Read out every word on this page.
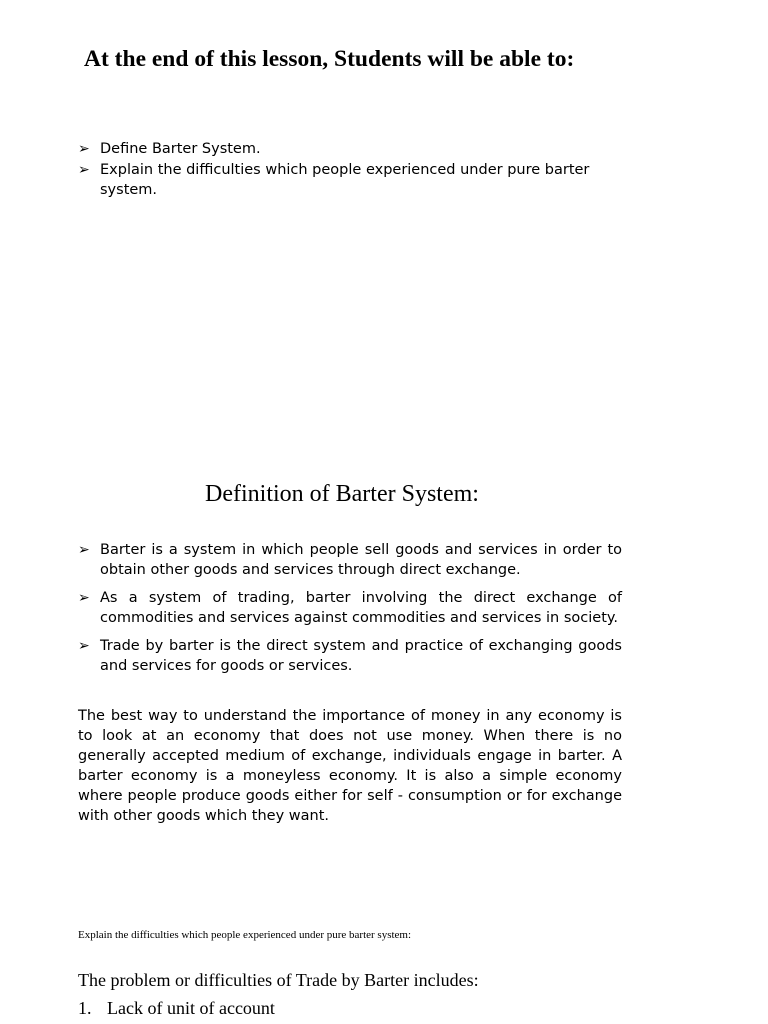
At the end of this lesson, Students will be able to:
➢ Define Barter System.
➢ Explain the difficulties which people experienced under pure barter system.
Definition of Barter System:
➢ Barter is a system in which people sell goods and services in order to obtain other goods and services through direct exchange.
➢ As a system of trading, barter involving the direct exchange of commodities and services against commodities and services in society.
➢ Trade by barter is the direct system and practice of exchanging goods and services for goods or services.

The best way to understand the importance of money in any economy is to look at an economy that does not use money. When there is no generally accepted medium of exchange, individuals engage in barter. A barter economy is a moneyless economy. It is also a simple economy where people produce goods either for self - consumption or for exchange with other goods which they want.

Explain the difficulties which people experienced under pure barter system:
The problem or difficulties of Trade by Barter includes:
1. Lack of unit of account
